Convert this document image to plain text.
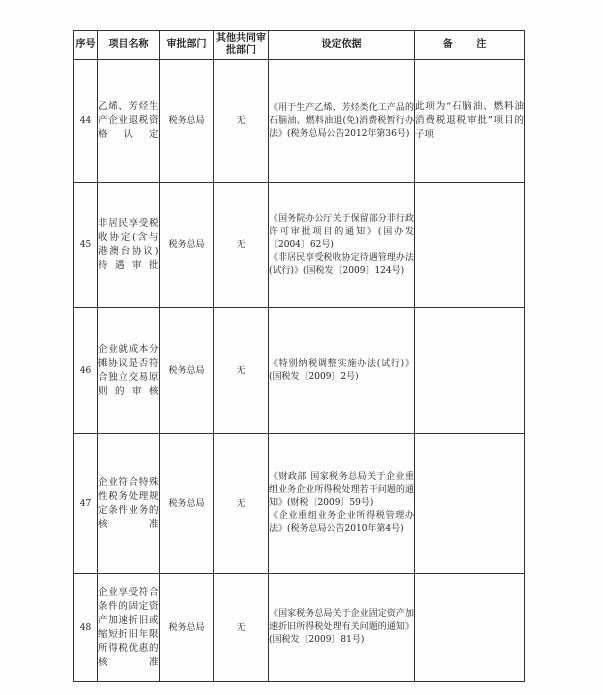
序号	项目名称	审批部门	其他共同审批部门	设定依据	备 注
44	乙烯、芳烃生产企业退税资格认定	税务总局	无	《用于生产乙烯、芳烃类化工产品的石脑油、燃料油退(免)消费税暂行办法》(税务总局公告2012年第36号)	此项为“石脑油、燃料油消费税退税审批”项目的子项
45	非居民享受税收协定(含与港澳台协议)待遇审批	税务总局	无	《国务院办公厅关于保留部分非行政许可审批项目的通知》(国办发〔2004〕62号)
《非居民享受税收协定待遇管理办法(试行)》(国税发〔2009〕124号)	

46	企业就成本分摊协议是否符合独立交易原则的审核	税务总局	无	《特别纳税调整实施办法(试行)》(国税发〔2009〕2号)	

47	企业符合特殊性税务处理规定条件业务的核准	税务总局	无	《财政部 国家税务总局关于企业重组业务企业所得税处理若干问题的通知》(财税〔2009〕59号)
《企业重组业务企业所得税管理办法》(税务总局公告2010年第4号)	

48	企业享受符合条件的固定资产加速折旧或缩短折旧年限所得税优惠的核准	税务总局	无	《国家税务总局关于企业固定资产加速折旧所得税处理有关问题的通知》(国税发〔2009〕81号)	
